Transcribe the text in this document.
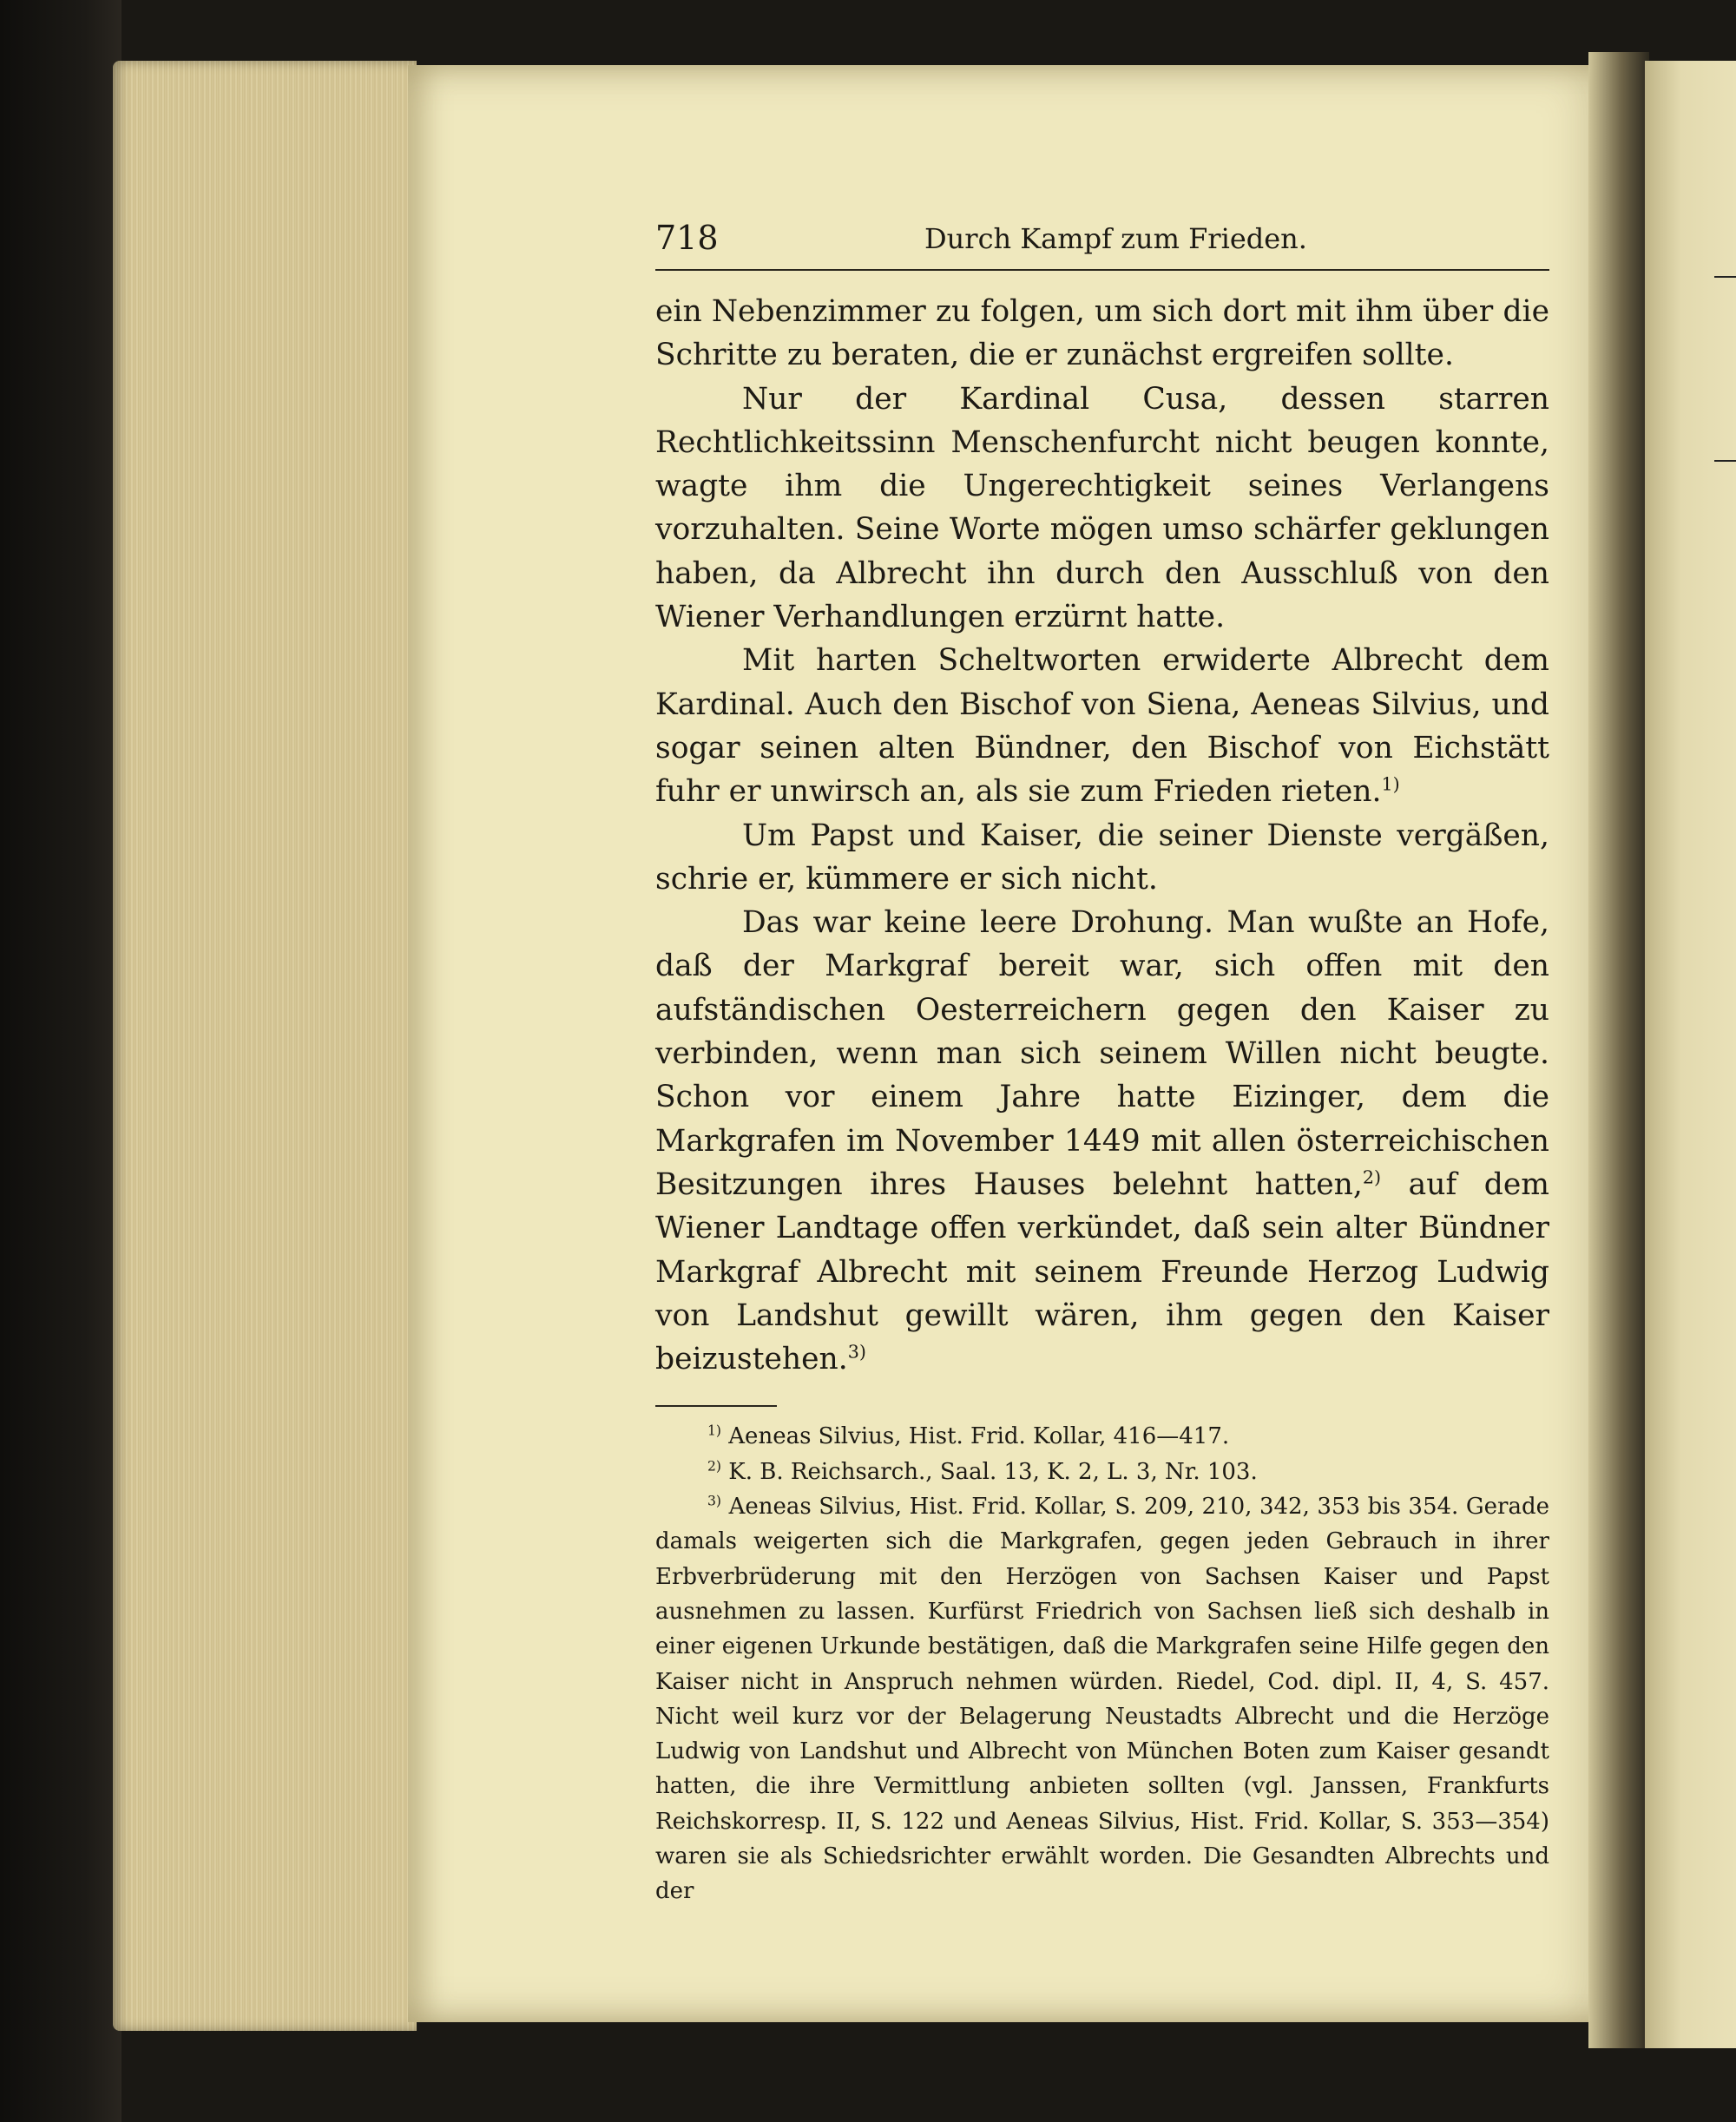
718	Durch Kampf zum Frieden.

ein Nebenzimmer zu folgen, um sich dort mit ihm über die Schritte zu beraten, die er zunächst ergreifen sollte.

Nur der Kardinal Cusa, dessen starren Rechtlichkeitssinn Menschenfurcht nicht beugen konnte, wagte ihm die Ungerechtigkeit seines Verlangens vorzuhalten. Seine Worte mögen umso schärfer geklungen haben, da Albrecht ihn durch den Ausschluß von den Wiener Verhandlungen erzürnt hatte.

Mit harten Scheltworten erwiderte Albrecht dem Kardinal. Auch den Bischof von Siena, Aeneas Silvius, und sogar seinen alten Bündner, den Bischof von Eichstätt fuhr er unwirsch an, als sie zum Frieden rieten.$^{1)}$

Um Papst und Kaiser, die seiner Dienste vergäßen, schrie er, kümmere er sich nicht.

Das war keine leere Drohung. Man wußte an Hofe, daß der Markgraf bereit war, sich offen mit den aufständischen Oesterreichern gegen den Kaiser zu verbinden, wenn man sich seinem Willen nicht beugte. Schon vor einem Jahre hatte Eizinger, dem die Markgrafen im November 1449 mit allen österreichischen Besitzungen ihres Hauses belehnt hatten,$^{2)}$ auf dem Wiener Landtage offen verkündet, daß sein alter Bündner Markgraf Albrecht mit seinem Freunde Herzog Ludwig von Landshut gewillt wären, ihm gegen den Kaiser beizustehen.$^{3)}$

$^{1)}$ Aeneas Silvius, Hist. Frid. Kollar, 416—417.

$^{2)}$ K. B. Reichsarch., Saal. 13, K. 2, L. 3, Nr. 103.

$^{3)}$ Aeneas Silvius, Hist. Frid. Kollar, S. 209, 210, 342, 353 bis 354. Gerade damals weigerten sich die Markgrafen, gegen jeden Gebrauch in ihrer Erbverbrüderung mit den Herzögen von Sachsen Kaiser und Papst ausnehmen zu lassen. Kurfürst Friedrich von Sachsen ließ sich deshalb in einer eigenen Urkunde bestätigen, daß die Markgrafen seine Hilfe gegen den Kaiser nicht in Anspruch nehmen würden. Riedel, Cod. dipl. II, 4, S. 457. Nicht weil kurz vor der Belagerung Neustadts Albrecht und die Herzöge Ludwig von Landshut und Albrecht von München Boten zum Kaiser gesandt hatten, die ihre Vermittlung anbieten sollten (vgl. Janssen, Frankfurts Reichskorresp. II, S. 122 und Aeneas Silvius, Hist. Frid. Kollar, S. 353—354) waren sie als Schiedsrichter erwählt worden. Die Gesandten Albrechts und der
